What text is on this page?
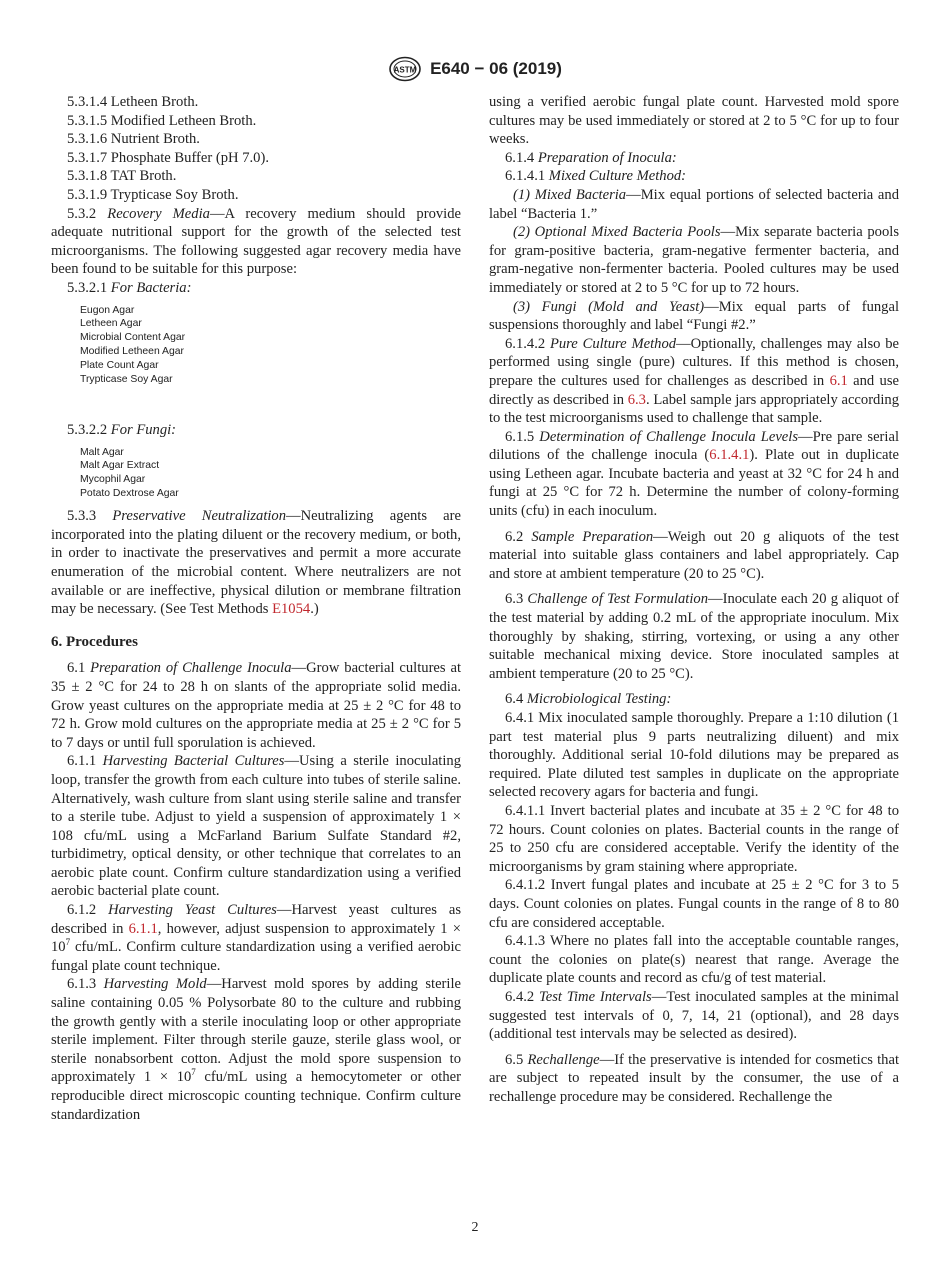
ASTM E640 − 06 (2019)

5.3.1.4 Letheen Broth.

5.3.1.5 Modified Letheen Broth.

5.3.1.6 Nutrient Broth.

5.3.1.7 Phosphate Buffer (pH 7.0).

5.3.1.8 TAT Broth.

5.3.1.9 Trypticase Soy Broth.

5.3.2 Recovery Media—A recovery medium should provide adequate nutritional support for the growth of the selected test microorganisms. The following suggested agar recovery media have been found to be suitable for this purpose:

5.3.2.1 For Bacteria:

Eugon Agar
Letheen Agar
Microbial Content Agar
Modified Letheen Agar
Plate Count Agar
Trypticase Soy Agar

5.3.2.2 For Fungi:

Malt Agar
Malt Agar Extract
Mycophil Agar
Potato Dextrose Agar

5.3.3 Preservative Neutralization—Neutralizing agents are incorporated into the plating diluent or the recovery medium, or both, in order to inactivate the preservatives and permit a more accurate enumeration of the microbial content. Where neutralizers are not available or are ineffective, physical dilution or membrane filtration may be necessary. (See Test Methods E1054.)

6. Procedures

6.1 Preparation of Challenge Inocula—Grow bacterial cultures at 35 ± 2 °C for 24 to 28 h on slants of the appropriate solid media. Grow yeast cultures on the appropriate media at 25 ± 2 °C for 48 to 72 h. Grow mold cultures on the appropriate media at 25 ± 2 °C for 5 to 7 days or until full sporulation is achieved.

6.1.1 Harvesting Bacterial Cultures—Using a sterile inoculating loop, transfer the growth from each culture into tubes of sterile saline. Alternatively, wash culture from slant using sterile saline and transfer to a sterile tube. Adjust to yield a suspension of approximately 1 × 108 cfu/mL using a McFarland Barium Sulfate Standard #2, turbidimetry, optical density, or other technique that correlates to an aerobic plate count. Confirm culture standardization using a verified aerobic bacterial plate count.

6.1.2 Harvesting Yeast Cultures—Harvest yeast cultures as described in 6.1.1, however, adjust suspension to approximately $1 \times 10^7$ cfu/mL. Confirm culture standardization using a verified aerobic fungal plate count technique.

6.1.3 Harvesting Mold—Harvest mold spores by adding sterile saline containing 0.05 % Polysorbate 80 to the culture and rubbing the growth gently with a sterile inoculating loop or other appropriate sterile implement. Filter through sterile gauze, sterile glass wool, or sterile nonabsorbent cotton. Adjust the mold spore suspension to approximately $1 \times 10^7$ cfu/mL using a hemocytometer or other reproducible direct microscopic counting technique. Confirm culture standardization

using a verified aerobic fungal plate count. Harvested mold spore cultures may be used immediately or stored at 2 to 5 °C for up to four weeks.

6.1.4 Preparation of Inocula:

6.1.4.1 Mixed Culture Method:

(1) Mixed Bacteria—Mix equal portions of selected bacteria and label “Bacteria 1.”

(2) Optional Mixed Bacteria Pools—Mix separate bacteria pools for gram-positive bacteria, gram-negative fermenter bacteria, and gram-negative non-fermenter bacteria. Pooled cultures may be used immediately or stored at 2 to 5 °C for up to 72 hours.

(3) Fungi (Mold and Yeast)—Mix equal parts of fungal suspensions thoroughly and label “Fungi #2.”

6.1.4.2 Pure Culture Method—Optionally, challenges may also be performed using single (pure) cultures. If this method is chosen, prepare the cultures used for challenges as described in 6.1 and use directly as described in 6.3. Label sample jars appropriately according to the test microorganisms used to challenge that sample.

6.1.5 Determination of Challenge Inocula Levels—Pre pare serial dilutions of the challenge inocula (6.1.4.1). Plate out in duplicate using Letheen agar. Incubate bacteria and yeast at 32 °C for 24 h and fungi at 25 °C for 72 h. Determine the number of colony-forming units (cfu) in each inoculum.

6.2 Sample Preparation—Weigh out 20 g aliquots of the test material into suitable glass containers and label appropriately. Cap and store at ambient temperature (20 to 25 °C).

6.3 Challenge of Test Formulation—Inoculate each 20 g aliquot of the test material by adding 0.2 mL of the appropriate inoculum. Mix thoroughly by shaking, stirring, vortexing, or using a any other suitable mechanical mixing device. Store inoculated samples at ambient temperature (20 to 25 °C).

6.4 Microbiological Testing:

6.4.1 Mix inoculated sample thoroughly. Prepare a 1:10 dilution (1 part test material plus 9 parts neutralizing diluent) and mix thoroughly. Additional serial 10-fold dilutions may be prepared as required. Plate diluted test samples in duplicate on the appropriate selected recovery agars for bacteria and fungi.

6.4.1.1 Invert bacterial plates and incubate at 35 ± 2 °C for 48 to 72 hours. Count colonies on plates. Bacterial counts in the range of 25 to 250 cfu are considered acceptable. Verify the identity of the microorganisms by gram staining where appropriate.

6.4.1.2 Invert fungal plates and incubate at 25 ± 2 °C for 3 to 5 days. Count colonies on plates. Fungal counts in the range of 8 to 80 cfu are considered acceptable.

6.4.1.3 Where no plates fall into the acceptable countable ranges, count the colonies on plate(s) nearest that range. Average the duplicate plate counts and record as cfu/g of test material.

6.4.2 Test Time Intervals—Test inoculated samples at the minimal suggested test intervals of 0, 7, 14, 21 (optional), and 28 days (additional test intervals may be selected as desired).

6.5 Rechallenge—If the preservative is intended for cosmetics that are subject to repeated insult by the consumer, the use of a rechallenge procedure may be considered. Rechallenge the

2
